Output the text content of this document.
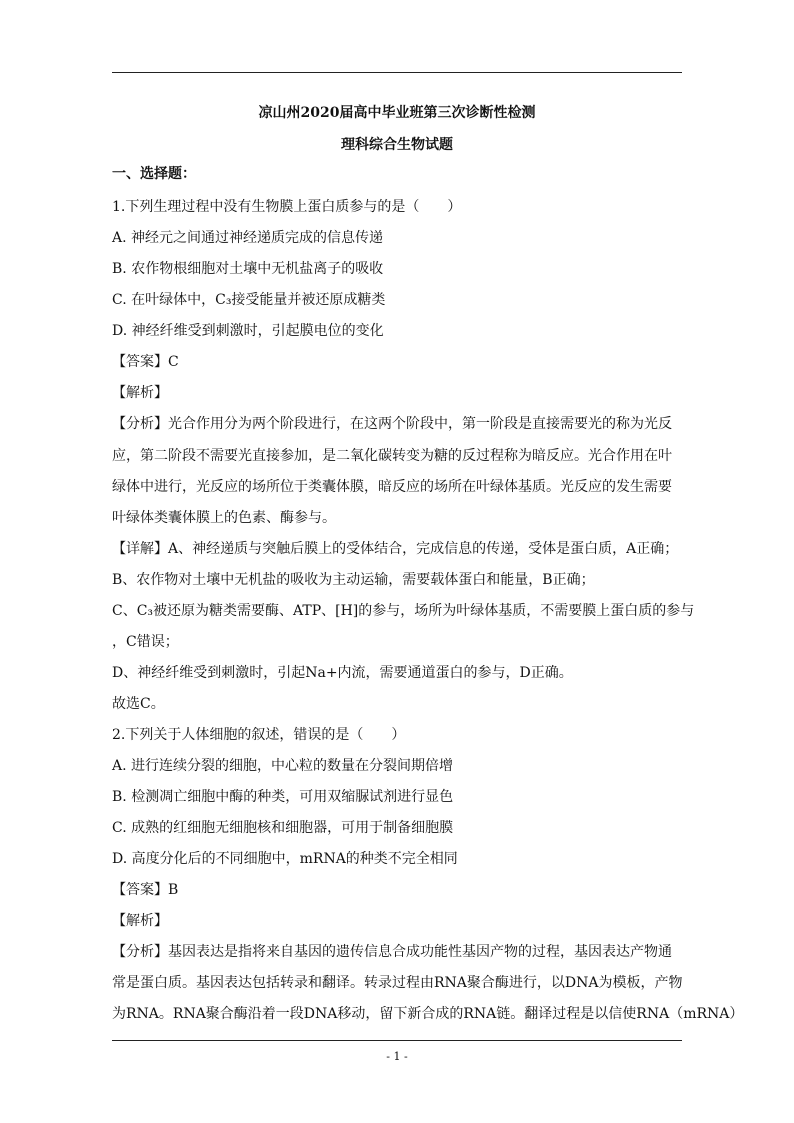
凉山州2020届高中毕业班第三次诊断性检测
理科综合生物试题
一、选择题：
1.下列生理过程中没有生物膜上蛋白质参与的是（　　）
A. 神经元之间通过神经递质完成的信息传递
B. 农作物根细胞对土壤中无机盐离子的吸收
C. 在叶绿体中，C₃接受能量并被还原成糖类
D. 神经纤维受到刺激时，引起膜电位的变化
【答案】C
【解析】
【分析】光合作用分为两个阶段进行，在这两个阶段中，第一阶段是直接需要光的称为光反
应，第二阶段不需要光直接参加，是二氧化碳转变为糖的反过程称为暗反应。光合作用在叶
绿体中进行，光反应的场所位于类囊体膜，暗反应的场所在叶绿体基质。光反应的发生需要
叶绿体类囊体膜上的色素、酶参与。
【详解】A、神经递质与突触后膜上的受体结合，完成信息的传递，受体是蛋白质，A正确；
B、农作物对土壤中无机盐的吸收为主动运输，需要载体蛋白和能量，B正确；
C、C₃被还原为糖类需要酶、ATP、[H]的参与，场所为叶绿体基质，不需要膜上蛋白质的参与
，C错误；
D、神经纤维受到刺激时，引起Na+内流，需要通道蛋白的参与，D正确。
故选C。
2.下列关于人体细胞的叙述，错误的是（　　）
A. 进行连续分裂的细胞，中心粒的数量在分裂间期倍增
B. 检测凋亡细胞中酶的种类，可用双缩脲试剂进行显色
C. 成熟的红细胞无细胞核和细胞器，可用于制备细胞膜
D. 高度分化后的不同细胞中，mRNA的种类不完全相同
【答案】B
【解析】
【分析】基因表达是指将来自基因的遗传信息合成功能性基因产物的过程，基因表达产物通
常是蛋白质。基因表达包括转录和翻译。转录过程由RNA聚合酶进行，以DNA为模板，产物
为RNA。RNA聚合酶沿着一段DNA移动，留下新合成的RNA链。翻译过程是以信使RNA（mRNA）
- 1 -
